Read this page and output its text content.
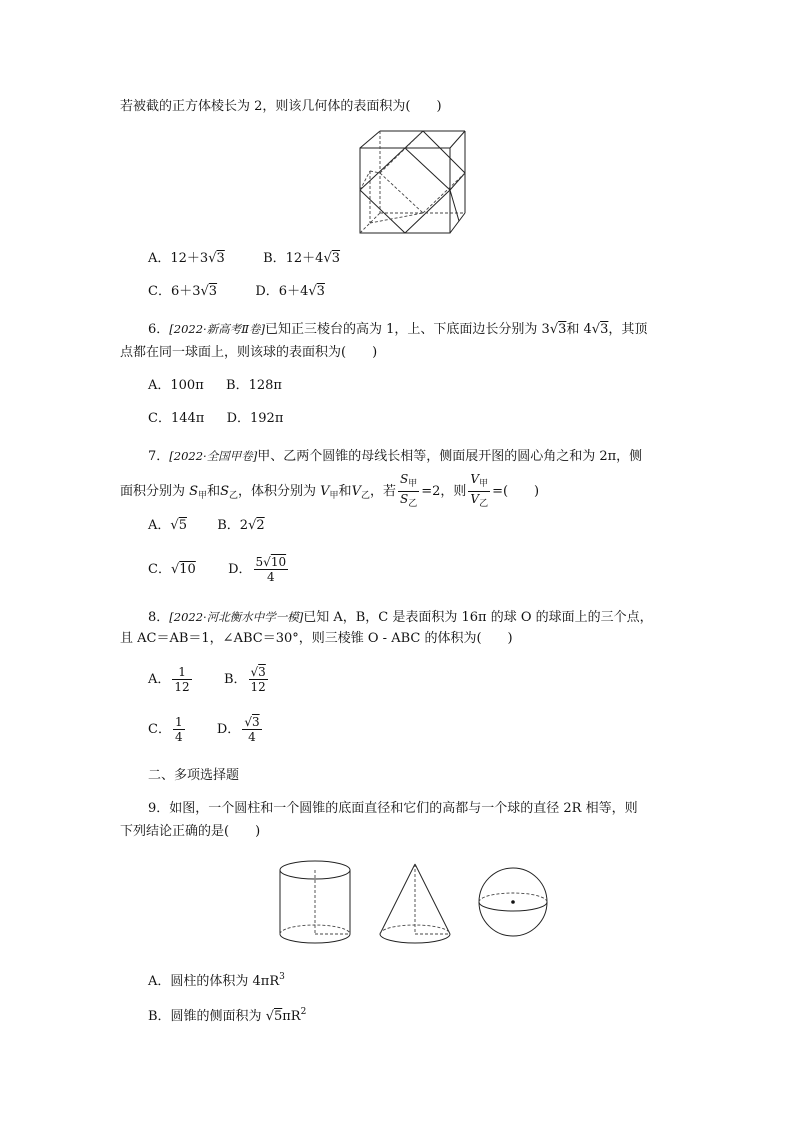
若被截的正方体棱长为 2，则该几何体的表面积为(　　)
A．12＋3√3	B．12＋4√3
C．6＋3√3	D．6＋4√3
6．[2022·新高考Ⅱ卷]已知正三棱台的高为 1，上、下底面边长分别为 3√3和 4√3，其顶
点都在同一球面上，则该球的表面积为(　　)
A．100π B．128π
C．144π D．192π
7．[2022·全国甲卷]甲、乙两个圆锥的母线长相等，侧面展开图的圆心角之和为 2π，侧
面积分别为 $S_甲$和$S_乙$，体积分别为 $V_甲$和$V_乙$，若 $\frac{S_甲}{S_乙} =2$，则 $\frac{V_甲}{V_乙}$ =(　　)
A．√5 B．2√2
C．√10 D． $\frac{5√10}{4}$
8．[2022·河北衡水中学一模]已知 A，B，C 是表面积为 16π 的球 O 的球面上的三个点，
且 AC＝AB＝1，∠ABC＝30°，则三棱锥 O - ABC 的体积为(　　)
A． $\frac{1}{12}$ B． $\frac{√3}{12}$
C． $\frac{1}{4}$ D． $\frac{√3}{4}$
二、多项选择题
9．如图，一个圆柱和一个圆锥的底面直径和它们的高都与一个球的直径 2R 相等，则
下列结论正确的是(　　)
A．圆柱的体积为 $4\pi R^3$
B．圆锥的侧面积为 $√5\pi R^2$
